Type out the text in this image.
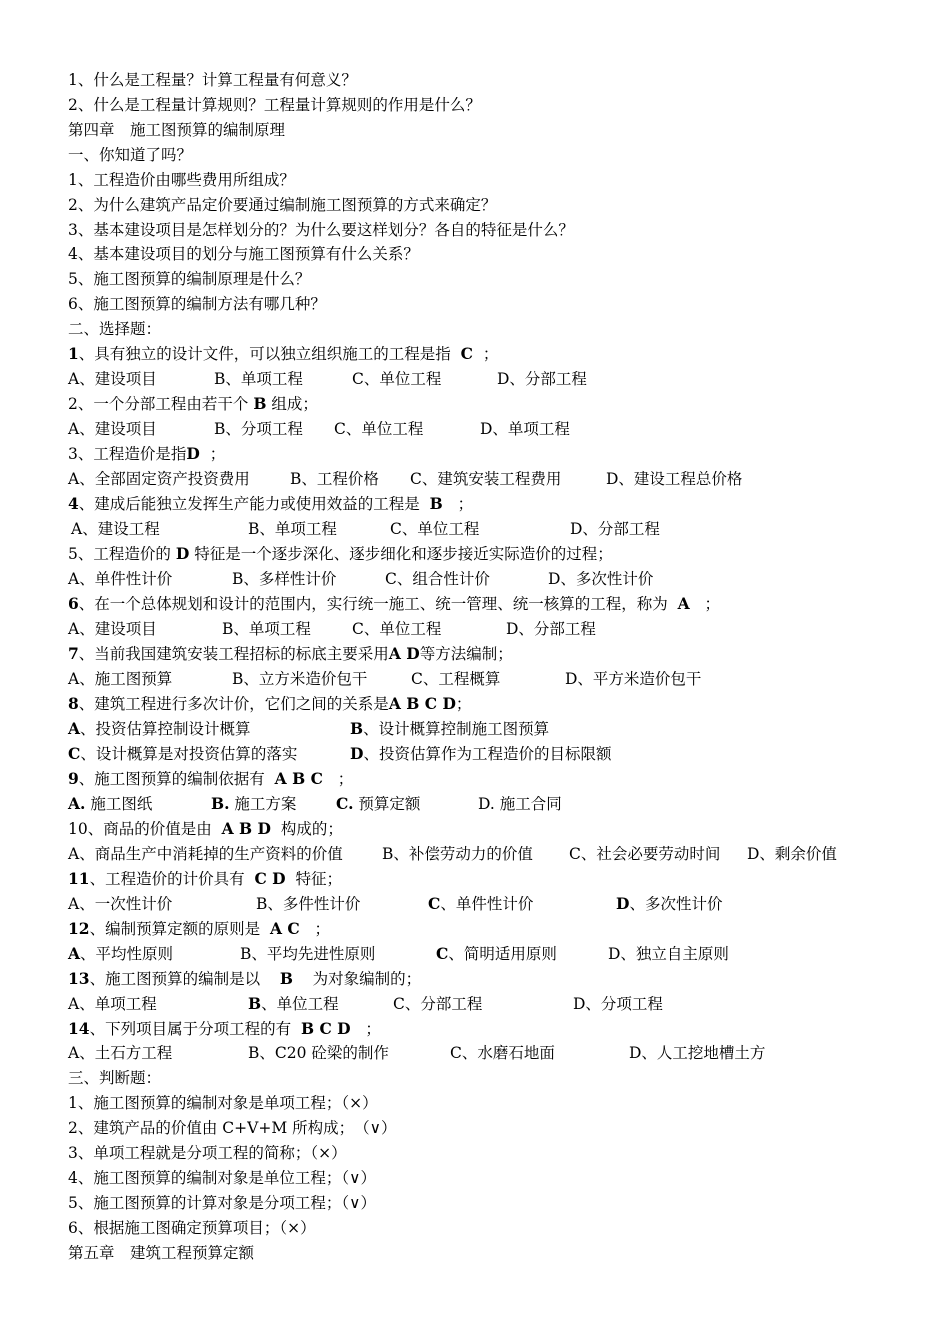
1、什么是工程量？计算工程量有何意义？
2、什么是工程量计算规则？工程量计算规则的作用是什么？
第四章　施工图预算的编制原理
一、你知道了吗？
1、工程造价由哪些费用所组成？
2、为什么建筑产品定价要通过编制施工图预算的方式来确定？
3、基本建设项目是怎样划分的？为什么要这样划分？各自的特征是什么？
4、基本建设项目的划分与施工图预算有什么关系？
5、施工图预算的编制原理是什么？
6、施工图预算的编制方法有哪几种？
二、选择题：
1、具有独立的设计文件，可以独立组织施工的工程是指 C ；
A、建设项目	B、单项工程	C、单位工程	D、分部工程
2、一个分部工程由若干个 B 组成；
A、建设项目	B、分项工程 C、单位工程	D、单项工程
3、工程造价是指D ；
A、全部固定资产投资费用	B、工程价格 C、建筑安装工程费用	D、建设工程总价格
4、建成后能独立发挥生产能力或使用效益的工程是 B ；
A、建设工程	B、单项工程	C、单位工程	D、分部工程
5、工程造价的 D 特征是一个逐步深化、逐步细化和逐步接近实际造价的过程；
A、单件性计价	B、多样性计价	C、组合性计价	D、多次性计价
6、在一个总体规划和设计的范围内，实行统一施工、统一管理、统一核算的工程，称为 A ；
A、建设项目	B、单项工程	C、单位工程	D、分部工程
7、当前我国建筑安装工程招标的标底主要采用A D等方法编制；
A、施工图预算	B、立方米造价包干	C、工程概算	D、平方米造价包干
8、建筑工程进行多次计价，它们之间的关系是A B C D；
A、投资估算控制设计概算	B、设计概算控制施工图预算
C、设计概算是对投资估算的落实	D、投资估算作为工程造价的目标限额
9、施工图预算的编制依据有 A B C ；
A. 施工图纸	B. 施工方案	C. 预算定额	D. 施工合同
10、商品的价值是由 A B D 构成的；
A、商品生产中消耗掉的生产资料的价值	B、补偿劳动力的价值 C、社会必要劳动时间 D、剩余价值
11、工程造价的计价具有 C D 特征；
A、一次性计价	B、多件性计价	C、单件性计价	D、多次性计价
12、编制预算定额的原则是 A C ；
A、平均性原则	B、平均先进性原则	C、简明适用原则	D、独立自主原则
13、施工图预算的编制是以 B 为对象编制的；
A、单项工程	B、单位工程	C、分部工程	D、分项工程
14、下列项目属于分项工程的有 B C D ；
A、土石方工程	B、C20 砼梁的制作	C、水磨石地面	D、人工挖地槽土方
三、判断题：
1、施工图预算的编制对象是单项工程；（×）
2、建筑产品的价值由 C+V+M 所构成；　（∨）
3、单项工程就是分项工程的简称；（×）
4、施工图预算的编制对象是单位工程；（∨）
5、施工图预算的计算对象是分项工程；（∨）
6、根据施工图确定预算项目；（×）
第五章　建筑工程预算定额
